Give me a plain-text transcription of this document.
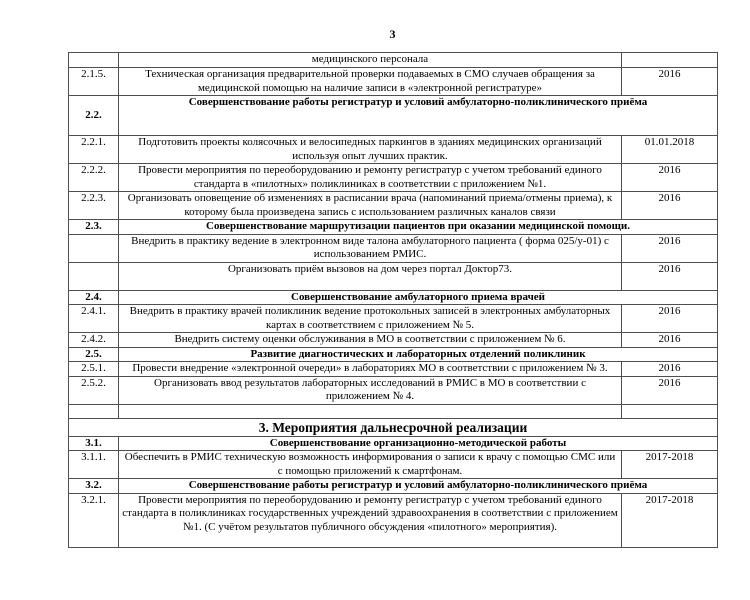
3
	медицинского персонала	
2.1.5.	Техническая организация предварительной проверки подаваемых в СМО случаев обращения за медицинской помощью на наличие записи в «электронной регистратуре»	2016
2.2.	Совершенствование работы регистратур и условий амбулаторно-поликлинического приёма	
2.2.1.	Подготовить проекты колясочных и велосипедных паркингов в зданиях медицинских организаций используя опыт лучших практик.	01.01.2018
2.2.2.	Провести мероприятия по переоборудованию и ремонту регистратур с учетом требований единого стандарта в «пилотных» поликлиниках в соответствии с приложением №1.	2016
2.2.3.	Организовать оповещение об изменениях в расписании врача (напоминаний приема/отмены приема), к которому была произведена запись с использованием различных каналов связи	2016
2.3.	Совершенствование маршрутизации пациентов при оказании медицинской помощи.	
	Внедрить в практику ведение в электронном виде талона амбулаторного пациента ( форма 025/у-01) с использованием РМИС.	2016
	Организовать приём вызовов на дом через портал Доктор73.	2016
2.4.	Совершенствование амбулаторного приема врачей	
2.4.1.	Внедрить в практику врачей поликлиник ведение протокольных записей в электронных амбулаторных картах в соответствием с приложением № 5.	2016
2.4.2.	Внедрить систему оценки обслуживания в МО в соответствии с приложением № 6.	2016
2.5.	Развитие диагностических и лабораторных отделений поликлиник	
2.5.1.	Провести внедрение «электронной очереди» в лабораториях МО в соответствии с приложением № 3.	2016
2.5.2.	Организовать ввод результатов лабораторных исследований в РМИС в МО в соответствии с приложением № 4.	2016

3. Мероприятия дальнесрочной реализации		
3.1.	Совершенствование организационно-методической работы	
3.1.1.	Обеспечить в РМИС техническую возможность информирования о записи к врачу с помощью СМС или с помощью приложений к смартфонам.	2017-2018
3.2.	Совершенствование работы регистратур и условий амбулаторно-поликлинического приёма	
3.2.1.	Провести мероприятия по переоборудованию и ремонту регистратур с учетом требований единого стандарта в поликлиниках государственных учреждений здравоохранения в соответствии с приложением №1. (С учётом результатов публичного обсуждения «пилотного» мероприятия).	2017-2018
